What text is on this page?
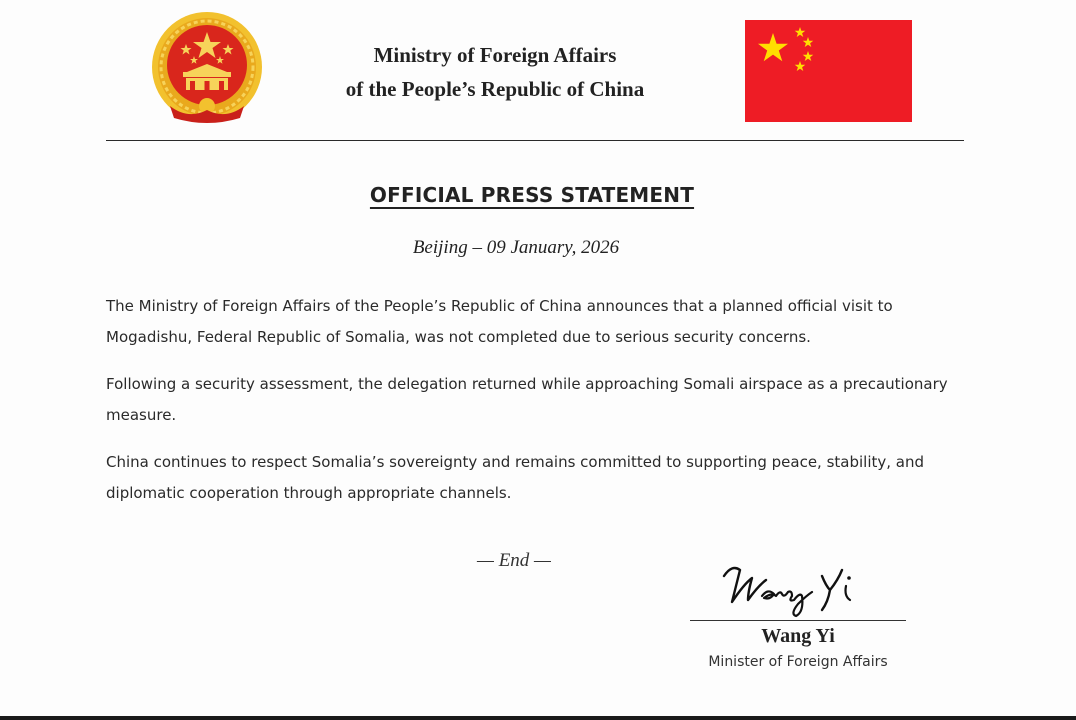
Ministry of Foreign Affairs
of the People’s Republic of China
OFFICIAL PRESS STATEMENT
Beijing – 09 January, 2026

The Ministry of Foreign Affairs of the People’s Republic of China announces that a planned official visit to Mogadishu, Federal Republic of Somalia, was not completed due to serious security concerns.

Following a security assessment, the delegation returned while approaching Somali airspace as a precautionary measure.

China continues to respect Somalia’s sovereignty and remains committed to supporting peace, stability, and diplomatic cooperation through appropriate channels.

— End —
Wang Yi
Minister of Foreign Affairs
